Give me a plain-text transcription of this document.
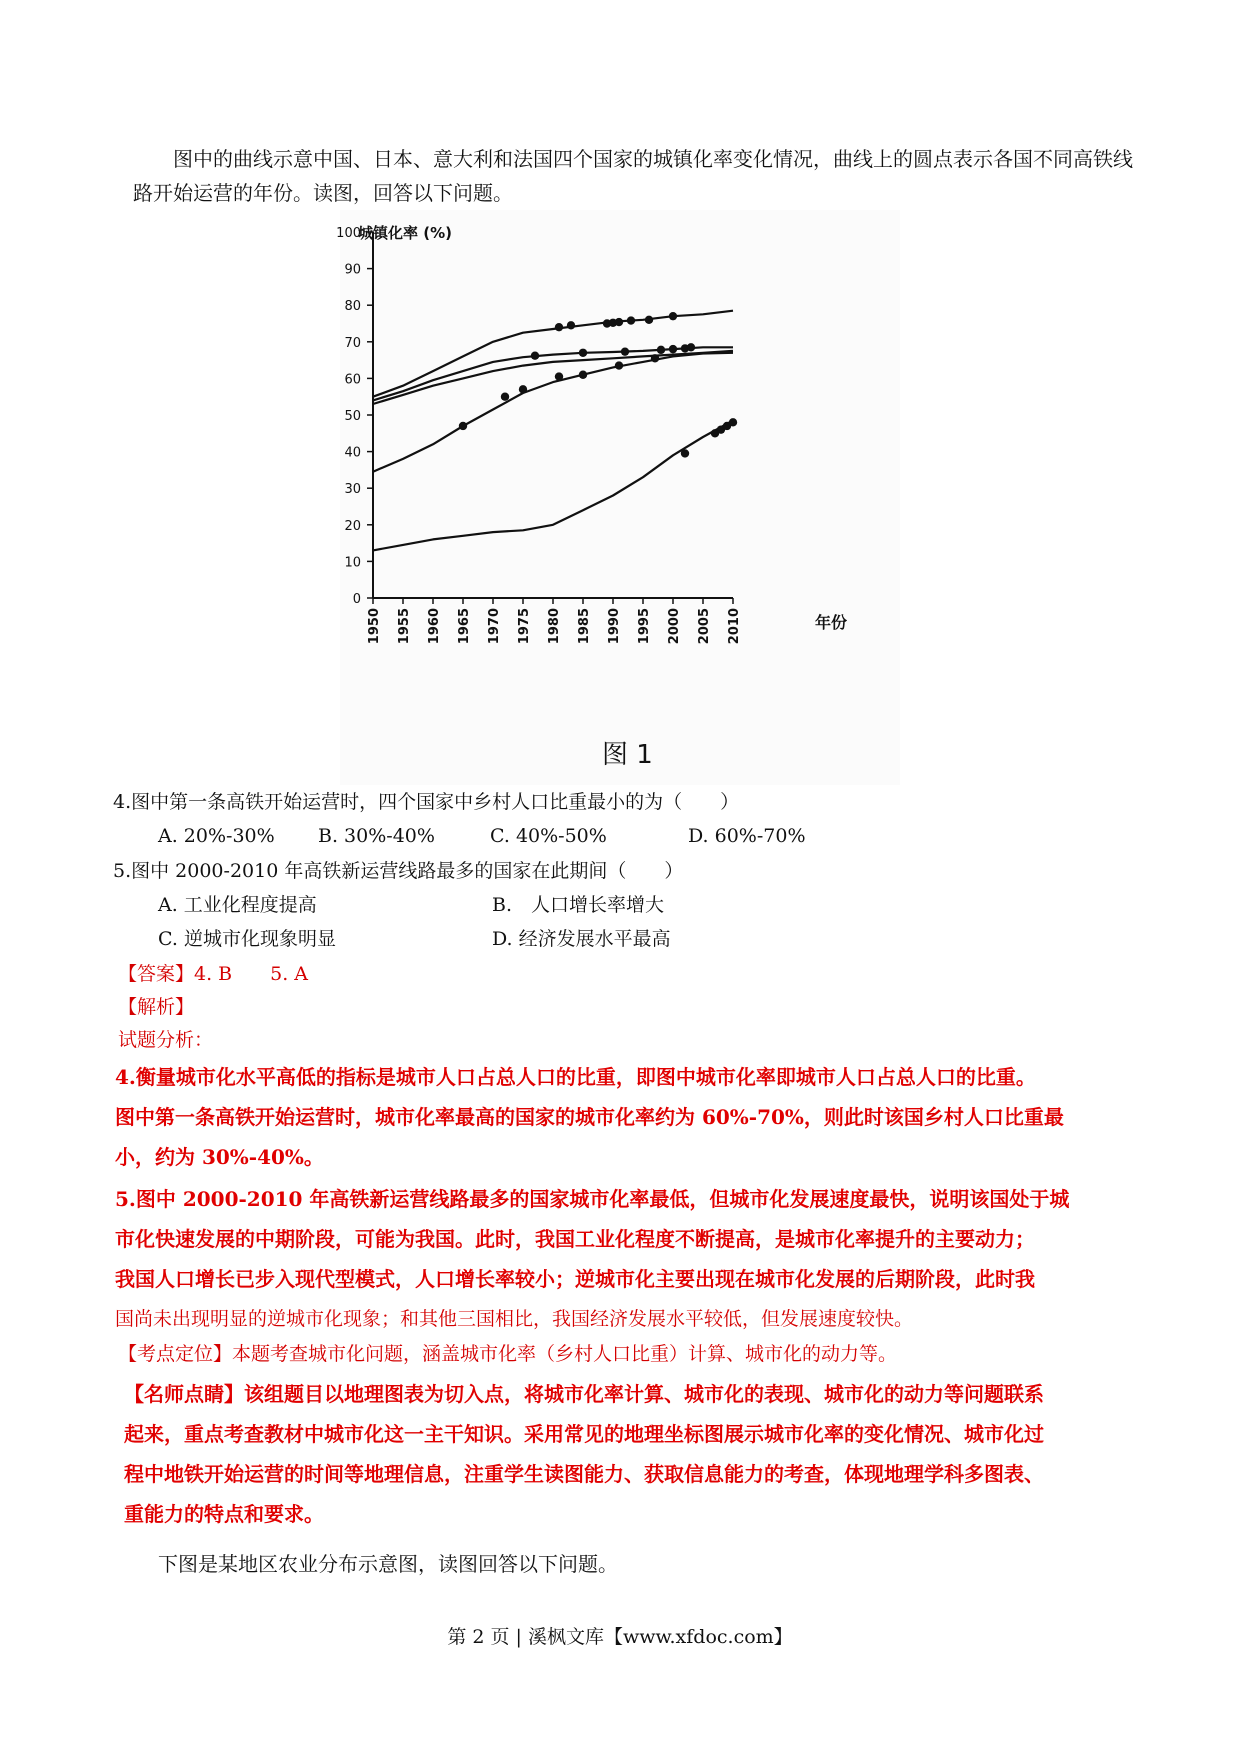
图中的曲线示意中国、日本、意大利和法国四个国家的城镇化率变化情况，曲线上的圆点表示各国不同高铁线路开始运营的年份。读图，回答以下问题。
0
10
20
30
40
50
60
70
80
90
100
1950 1955 1960 1965 1970 1975 1980 1985 1990 1995 2000 2005 2010
城镇化率 (%)
年份
图 1
4.图中第一条高铁开始运营时，四个国家中乡村人口比重最小的为（　　）
A. 20%-30% B. 30%-40%	C. 40%-50%	D. 60%-70%
5.图中 2000-2010 年高铁新运营线路最多的国家在此期间（　　）
A. 工业化程度提高	B.　人口增长率增大
C. 逆城市化现象明显	D. 经济发展水平最高
【答案】4. B　　5. A
【解析】
试题分析：
4.衡量城市化水平高低的指标是城市人口占总人口的比重，即图中城市化率即城市人口占总人口的比重。
图中第一条高铁开始运营时，城市化率最高的国家的城市化率约为 60%-70%，则此时该国乡村人口比重最
小，约为 30%-40%。
5.图中 2000-2010 年高铁新运营线路最多的国家城市化率最低，但城市化发展速度最快，说明该国处于城
市化快速发展的中期阶段，可能为我国。此时，我国工业化程度不断提高，是城市化率提升的主要动力；
我国人口增长已步入现代型模式，人口增长率较小；逆城市化主要出现在城市化发展的后期阶段，此时我
国尚未出现明显的逆城市化现象；和其他三国相比，我国经济发展水平较低，但发展速度较快。
【考点定位】本题考查城市化问题，涵盖城市化率（乡村人口比重）计算、城市化的动力等。
【名师点睛】该组题目以地理图表为切入点，将城市化率计算、城市化的表现、城市化的动力等问题联系
起来，重点考查教材中城市化这一主干知识。采用常见的地理坐标图展示城市化率的变化情况、城市化过
程中地铁开始运营的时间等地理信息，注重学生读图能力、获取信息能力的考查，体现地理学科多图表、
重能力的特点和要求。
下图是某地区农业分布示意图，读图回答以下问题。
第 2 页 | 溪枫文库【www.xfdoc.com】
